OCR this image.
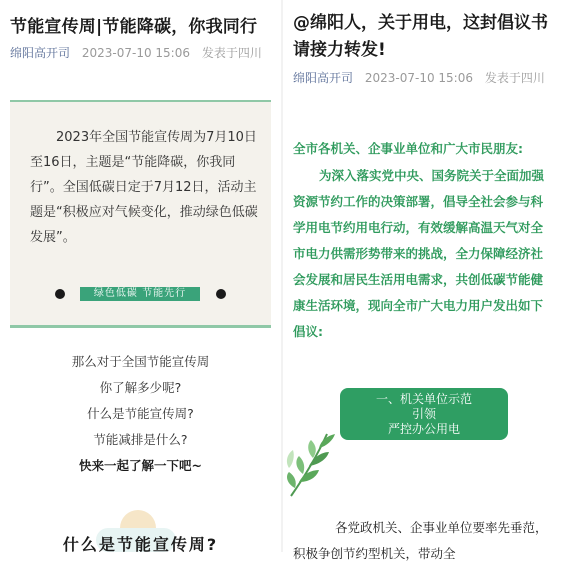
节能宣传周|节能降碳，你我同行
绵阳高开司 2023-07-10 15:06 发表于四川
2023年全国节能宣传周为7月10日至16日，主题是“节能降碳，你我同行”。全国低碳日定于7月12日，活动主题是“积极应对气候变化，推动绿色低碳发展”。
绿色低碳 节能先行
那么对于全国节能宣传周
你了解多少呢?
什么是节能宣传周?
节能减排是什么?
快来一起了解一下吧~
什么是节能宣传周?
@绵阳人，关于用电，这封倡议书请接力转发!
绵阳高开司 2023-07-10 15:06 发表于四川
全市各机关、企事业单位和广大市民朋友:
为深入落实党中央、国务院关于全面加强资源节约工作的决策部署，倡导全社会参与科学用电节约用电行动，有效缓解高温天气对全市电力供需形势带来的挑战，全力保障经济社会发展和居民生活用电需求，共创低碳节能健康生活环境，现向全市广大电力用户发出如下倡议:
一、机关单位示范
引领
严控办公用电
各党政机关、企事业单位要率先垂范，积极争创节约型机关，带动全
